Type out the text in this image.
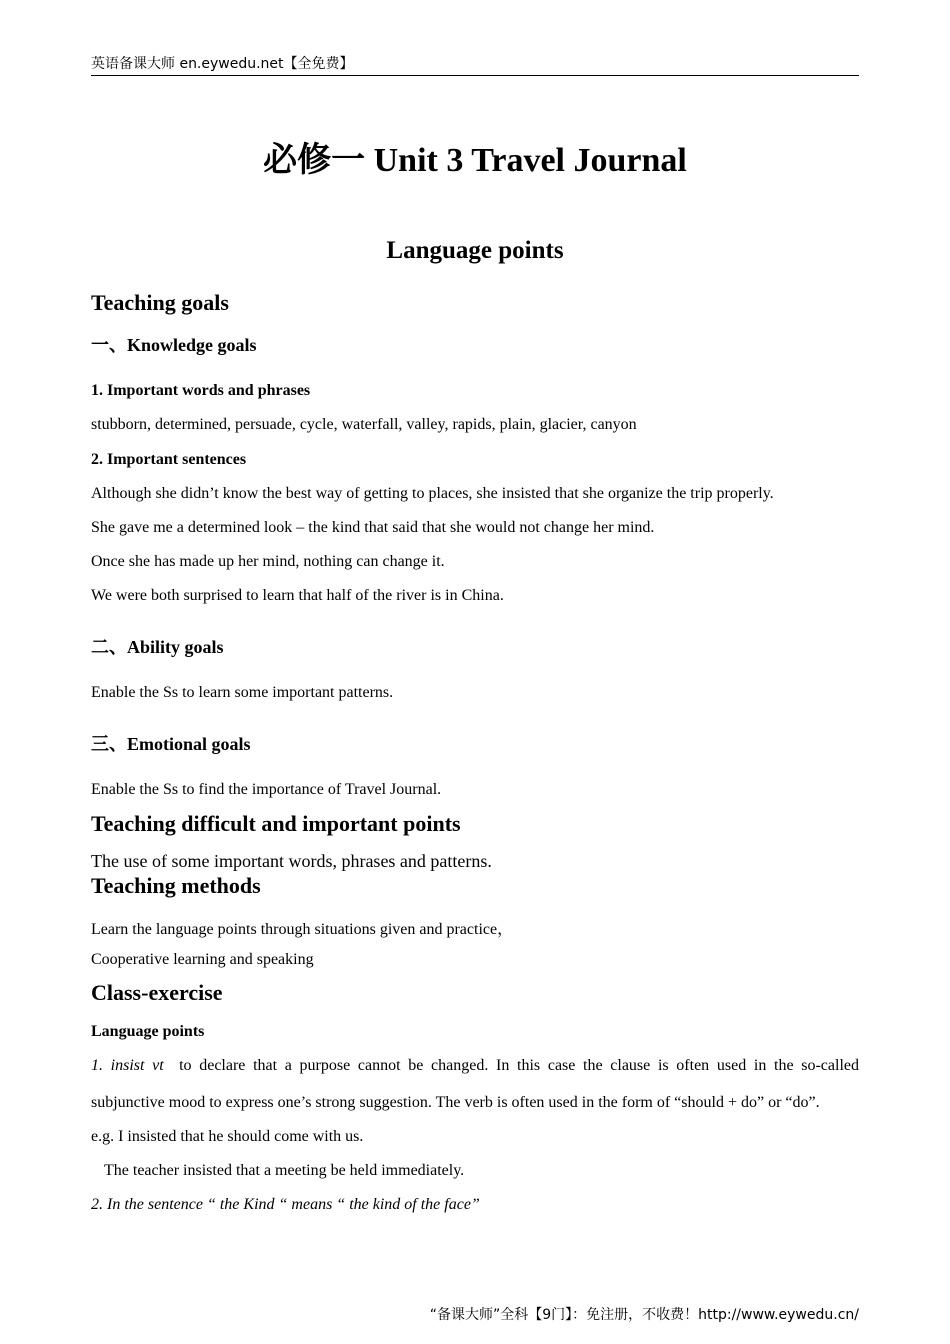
英语备课大师 en.eywedu.net【全免费】
必修一 Unit 3 Travel Journal
Language points
Teaching goals
一、Knowledge goals
1. Important words and phrases
stubborn, determined, persuade, cycle, waterfall, valley, rapids, plain, glacier, canyon
2. Important sentences
Although she didn’t know the best way of getting to places, she insisted that she organize the trip properly.
She gave me a determined look – the kind that said that she would not change her mind.
Once she has made up her mind, nothing can change it.
We were both surprised to learn that half of the river is in China.
二、Ability goals
Enable the Ss to learn some important patterns.
三、Emotional goals
Enable the Ss to find the importance of Travel Journal.
Teaching difficult and important points
The use of some important words, phrases and patterns.
Teaching methods
Learn the language points through situations given and practice，
Cooperative learning and speaking
Class-exercise
Language points
1. insist vt to declare that a purpose cannot be changed. In this case the clause is often used in the so-called
subjunctive mood to express one’s strong suggestion. The verb is often used in the form of “should + do” or “do”.
e.g. I insisted that he should come with us.
The teacher insisted that a meeting be held immediately.
2. In the sentence “ the Kind “ means “ the kind of the face”
“备课大师”全科【9门】：免注册，不收费！http://www.eywedu.cn/
